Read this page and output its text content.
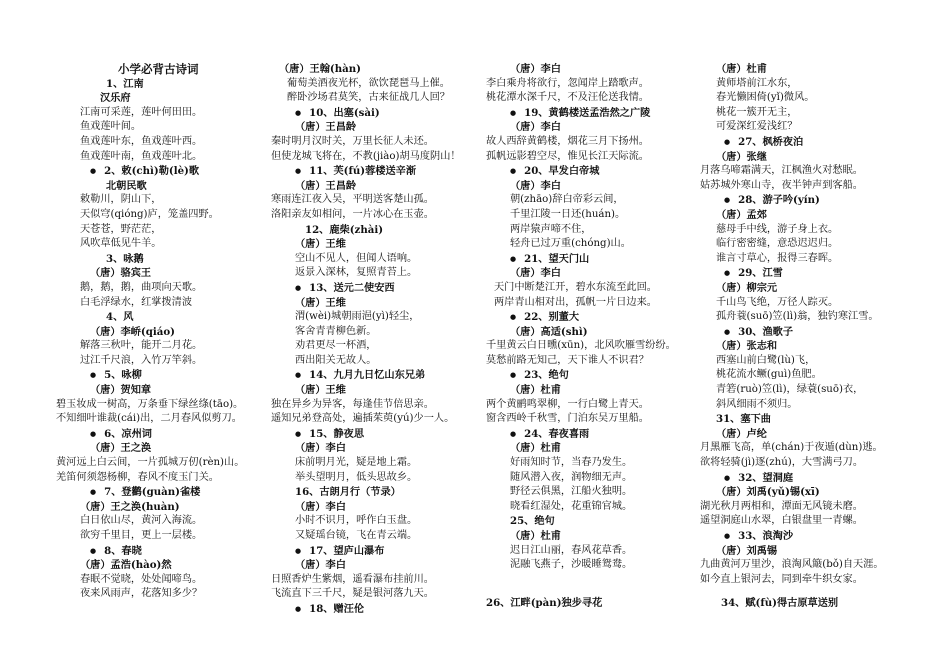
小学必背古诗词
1、江南
汉乐府
江南可采莲，莲叶何田田。
鱼戏莲叶间。
鱼戏莲叶东，鱼戏莲叶西。
鱼戏莲叶南，鱼戏莲叶北。
● 2、敕(chì)勒(lè)歌
北朝民歌
敕勒川，阴山下，
天似穹(qióng)庐，笼盖四野。
天苍苍，野茫茫，
风吹草低见牛羊。
3、咏鹅
（唐）骆宾王
鹅，鹅，鹅，曲项向天歌。
白毛浮绿水，红掌拨清波
4、风
（唐）李峤(qiáo)
解落三秋叶，能开二月花。
过江千尺浪，入竹万竿斜。
● 5、咏柳
（唐）贺知章
碧玉妆成一树高，万条垂下绿丝绦(tāo)。
不知细叶谁裁(cái)出，二月春风似剪刀。
● 6、凉州词
（唐）王之涣
黄河远上白云间，一片孤城万仞(rèn)山。
羌笛何须怨杨柳，春风不度玉门关。
● 7、登鹳(guàn)雀楼
（唐）王之涣(huàn)
白日依山尽，黄河入海流。
欲穷千里目，更上一层楼。
● 8、春晓
（唐）孟浩(hào)然
春眠不觉晓，处处闻啼鸟。
夜来风雨声，花落知多少？
（唐）王翰(hàn)
葡萄美酒夜光杯，欲饮琵琶马上催。
醉卧沙场君莫笑，古来征战几人回？
● 10、出塞(sài)
（唐）王昌龄
秦时明月汉时关，万里长征人未还。
但使龙城飞将在，不教(jiào)胡马度阴山！
● 11、芙(fú)蓉楼送辛渐
（唐）王昌龄
寒雨连江夜入吴，平明送客楚山孤。
洛阳亲友如相问，一片冰心在玉壶。
12、鹿柴(zhài)
（唐）王维
空山不见人，但闻人语响。
返景入深林，复照青苔上。
● 13、送元二使安西
（唐）王维
渭(wèi)城朝雨浥(yì)轻尘，
客舍青青柳色新。
劝君更尽一杯酒，
西出阳关无故人。
● 14、九月九日忆山东兄弟
（唐）王维
独在异乡为异客，每逢佳节倍思亲。
遥知兄弟登高处，遍插茱萸(yú)少一人。
● 15、静夜思
（唐）李白
床前明月光，疑是地上霜。
举头望明月，低头思故乡。
16、古朗月行（节录）
（唐）李白
小时不识月，呼作白玉盘。
又疑瑶台镜，飞在青云端。
● 17、望庐山瀑布
（唐）李白
日照香炉生紫烟，遥看瀑布挂前川。
飞流直下三千尺，疑是银河落九天。
● 18、赠汪伦
（唐）李白
李白乘舟将欲行，忽闻岸上踏歌声。
桃花潭水深千尺，不及汪伦送我情。
● 19、黄鹤楼送孟浩然之广陵
（唐）李白
故人西辞黄鹤楼，烟花三月下扬州。
孤帆远影碧空尽，惟见长江天际流。
● 20、早发白帝城
（唐）李白
朝(zhāo)辞白帝彩云间，
千里江陵一日还(huán)。
两岸猿声啼不住，
轻舟已过万重(chóng)山。
● 21、望天门山
（唐）李白
天门中断楚江开，碧水东流至此回。
两岸青山相对出，孤帆一片日边来。
● 22、别董大
（唐）高适(shì)
千里黄云白日曛(xūn)，北风吹雁雪纷纷。
莫愁前路无知己，天下谁人不识君？
● 23、绝句
（唐）杜甫
两个黄鹂鸣翠柳，一行白鹭上青天。
窗含西岭千秋雪，门泊东吴万里船。
● 24、春夜喜雨
（唐）杜甫
好雨知时节，当春乃发生。
随风潜入夜，润物细无声。
野径云俱黑，江船火独明。
晓看红湿处，花重锦官城。
25、绝句
（唐）杜甫
迟日江山丽，春风花草香。
泥融飞燕子，沙暖睡鸳鸯。
（唐）杜甫
黄师塔前江水东，
春光懒困倚(yǐ)微风。
桃花一簇开无主，
可爱深红爱浅红？
● 27、枫桥夜泊
（唐）张继
月落乌啼霜满天，江枫渔火对愁眠。
姑苏城外寒山寺，夜半钟声到客船。
● 28、游子吟(yín)
（唐）孟郊
慈母手中线，游子身上衣。
临行密密缝，意恐迟迟归。
谁言寸草心，报得三春晖。
● 29、江雪
（唐）柳宗元
千山鸟飞绝，万径人踪灭。
孤舟蓑(suō)笠(lì)翁，独钓寒江雪。
● 30、渔歌子
（唐）张志和
西塞山前白鹭(lù)飞，
桃花流水鳜(guì)鱼肥。
青箬(ruò)笠(lì)，绿蓑(suō)衣，
斜风细雨不须归。
31、塞下曲
（唐）卢纶
月黑雁飞高，单(chán)于夜遁(dùn)逃。
欲将轻骑(jì)逐(zhú)，大雪满弓刀。
● 32、望洞庭
（唐）刘禹(yǔ)锡(xī)
湖光秋月两相和，潭面无风镜未磨。
遥望洞庭山水翠，白银盘里一青螺。
● 33、浪淘沙
（唐）刘禹锡
九曲黄河万里沙，浪淘风簸(bǒ)自天涯。
如今直上银河去，同到牵牛织女家。
26、江畔(pàn)独步寻花	34、赋(fù)得古原草送别
